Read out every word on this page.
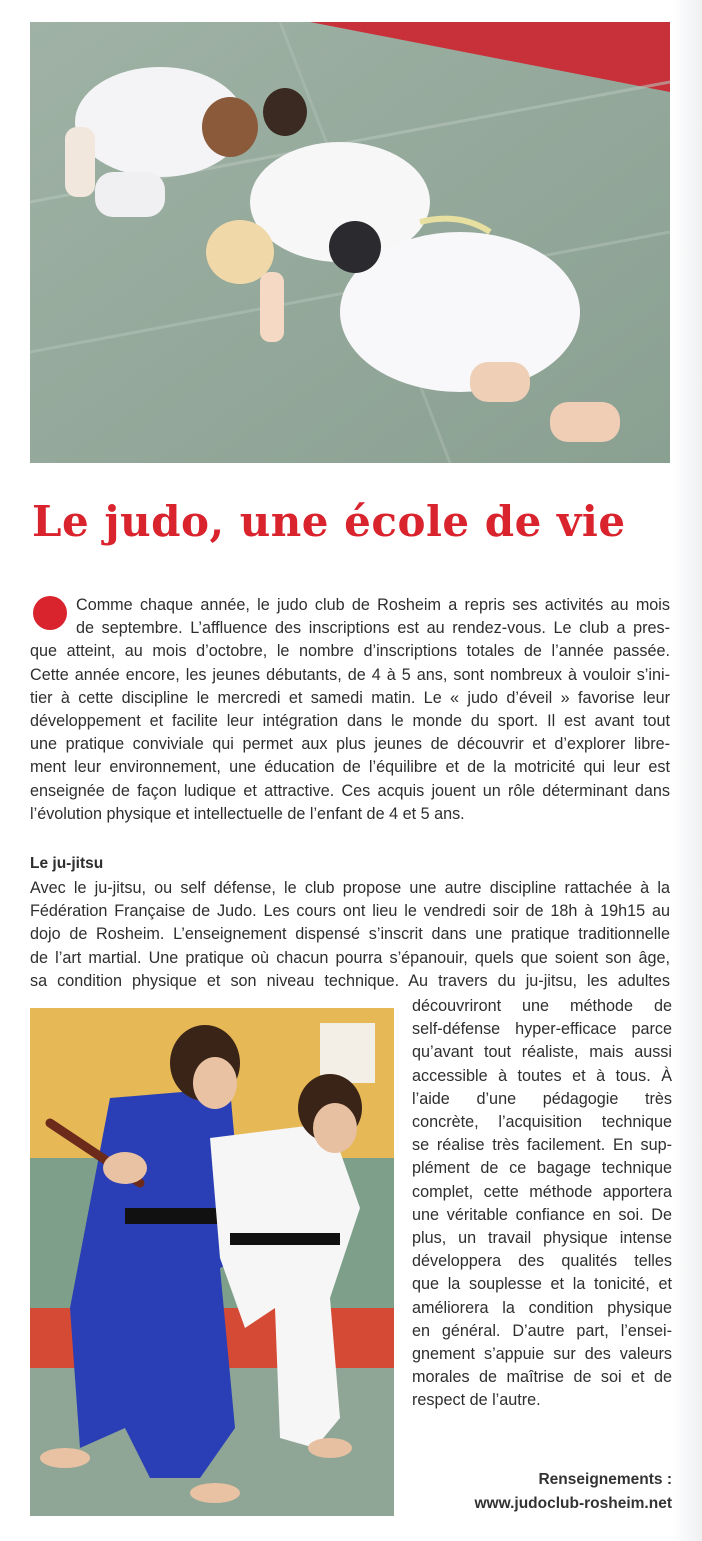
Le judo, une école de vie
Comme chaque année, le judo club de Rosheim a repris ses activités au mois
de septembre. L’affluence des inscriptions est au rendez-vous. Le club a pres-
que atteint, au mois d’octobre, le nombre d’inscriptions totales de l’année passée.
Cette année encore, les jeunes débutants, de 4 à 5 ans, sont nombreux à vouloir s’ini-
tier à cette discipline le mercredi et samedi matin. Le « judo d’éveil » favorise leur
développement et facilite leur intégration dans le monde du sport. Il est avant tout
une pratique conviviale qui permet aux plus jeunes de découvrir et d’explorer libre-
ment leur environnement, une éducation de l’équilibre et de la motricité qui leur est
enseignée de façon ludique et attractive. Ces acquis jouent un rôle déterminant dans
l’évolution physique et intellectuelle de l’enfant de 4 et 5 ans.
Le ju-jitsu
Avec le ju-jitsu, ou self défense, le club propose une autre discipline rattachée à la
Fédération Française de Judo. Les cours ont lieu le vendredi soir de 18h à 19h15 au
dojo de Rosheim. L’enseignement dispensé s’inscrit dans une pratique traditionnelle
de l’art martial. Une pratique où chacun pourra s’épanouir, quels que soient son âge,
sa condition physique et son niveau technique. Au travers du ju-jitsu, les adultes
découvriront une méthode de
self-défense hyper-efficace parce
qu’avant tout réaliste, mais aussi
accessible à toutes et à tous. À
l’aide d’une pédagogie très
concrète, l’acquisition technique
se réalise très facilement. En sup-
plément de ce bagage technique
complet, cette méthode apportera
une véritable confiance en soi. De
plus, un travail physique intense
développera des qualités telles
que la souplesse et la tonicité, et
améliorera la condition physique
en général. D’autre part, l’ensei-
gnement s’appuie sur des valeurs
morales de maîtrise de soi et de
respect de l’autre.
Renseignements :
www.judoclub-rosheim.net
